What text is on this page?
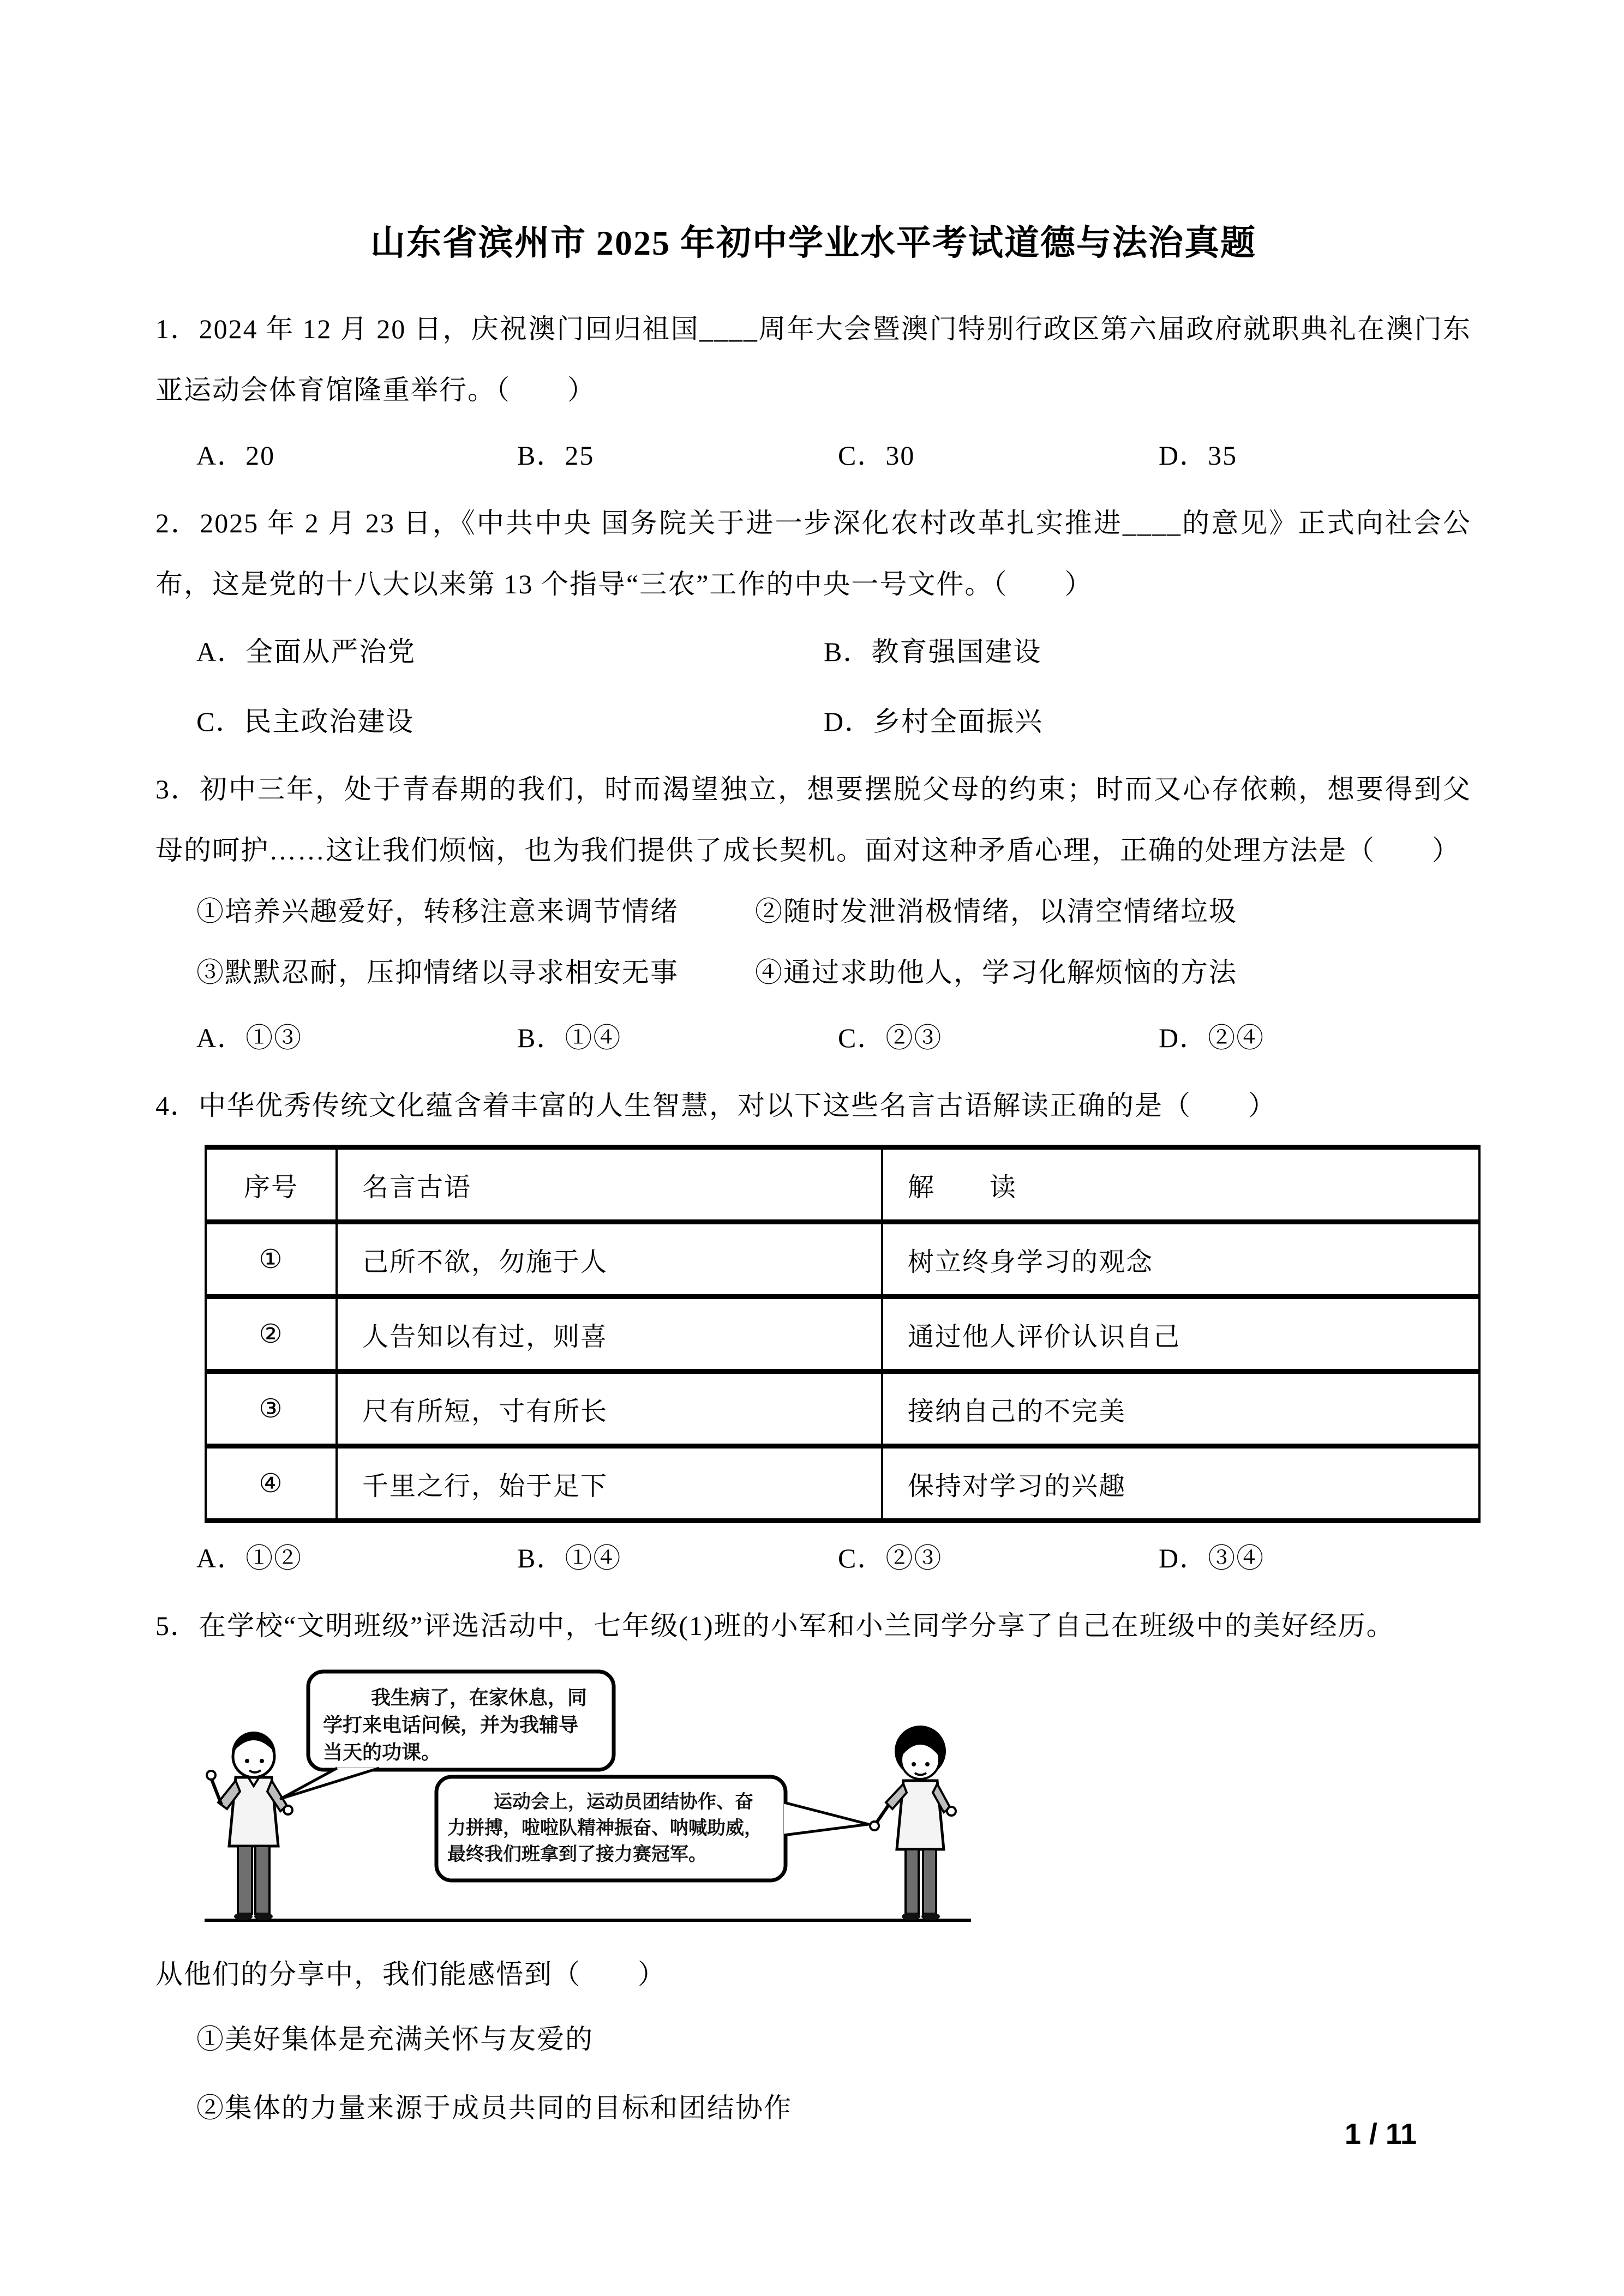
山东省滨州市 2025 年初中学业水平考试道德与法治真题

1．2024 年 12 月 20 日，庆祝澳门回归祖国____周年大会暨澳门特别行政区第六届政府就职典礼在澳门东亚运动会体育馆隆重举行。（　　）

A．20	B．25	C．30	D．35

2．2025 年 2 月 23 日，《中共中央 国务院关于进一步深化农村改革扎实推进____的意见》正式向社会公布，这是党的十八大以来第 13 个指导“三农”工作的中央一号文件。（　　）

A．全面从严治党	B．教育强国建设
C．民主政治建设	D．乡村全面振兴

3．初中三年，处于青春期的我们，时而渴望独立，想要摆脱父母的约束；时而又心存依赖，想要得到父母的呵护……这让我们烦恼，也为我们提供了成长契机。面对这种矛盾心理，正确的处理方法是（　　）

①培养兴趣爱好，转移注意来调节情绪	②随时发泄消极情绪，以清空情绪垃圾
③默默忍耐，压抑情绪以寻求相安无事	④通过求助他人，学习化解烦恼的方法
A．①③	B．①④	C．②③	D．②④

4．中华优秀传统文化蕴含着丰富的人生智慧，对以下这些名言古语解读正确的是（　　）

序号	名言古语	解　　读
①	己所不欲，勿施于人	树立终身学习的观念
②	人告知以有过，则喜	通过他人评价认识自己
③	尺有所短，寸有所长	接纳自己的不完美
④	千里之行，始于足下	保持对学习的兴趣
A．①②	B．①④	C．②③	D．③④

5．在学校“文明班级”评选活动中，七年级(1)班的小军和小兰同学分享了自己在班级中的美好经历。

我生病了，在家休息，同
学打来电话问候，并为我辅导
当天的功课。
运动会上，运动员团结协作、奋
力拼搏，啦啦队精神振奋、呐喊助威，
最终我们班拿到了接力赛冠军。

从他们的分享中，我们能感悟到（　　）

①美好集体是充满关怀与友爱的

②集体的力量来源于成员共同的目标和团结协作

1 / 11
